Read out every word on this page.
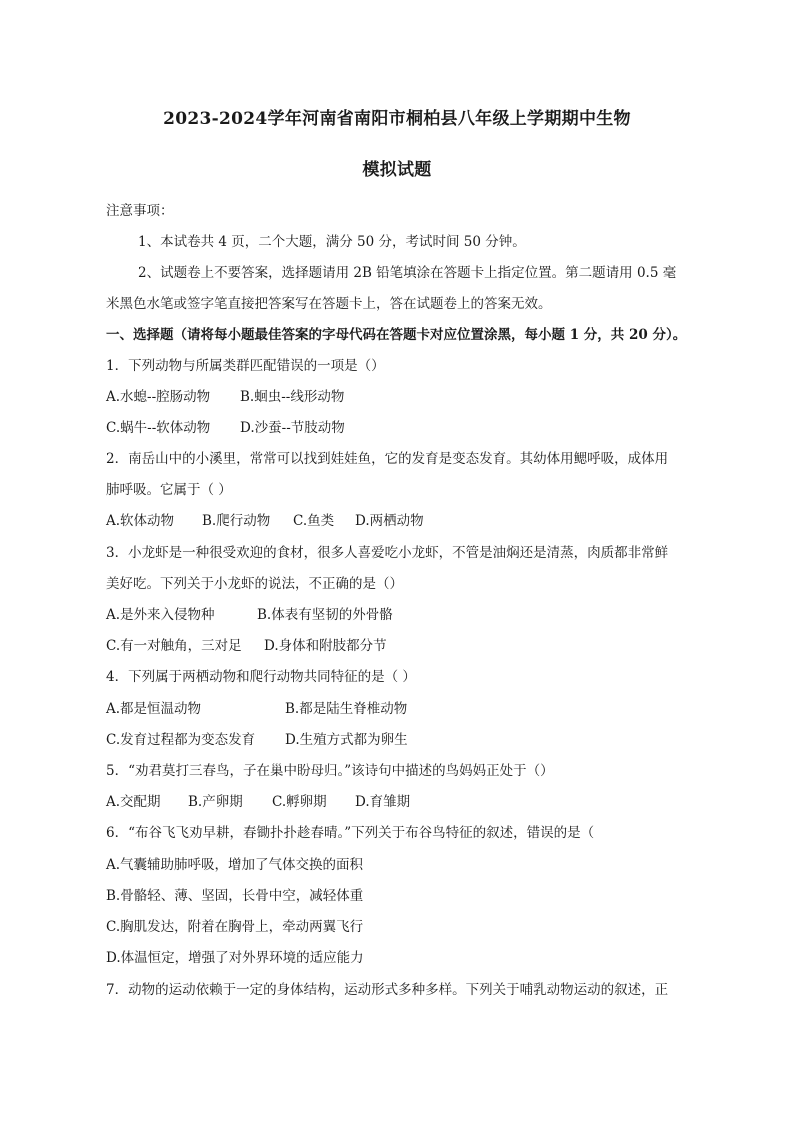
2023-2024学年河南省南阳市桐柏县八年级上学期期中生物
模拟试题
注意事项：
1、本试卷共 4 页，二个大题，满分 50 分，考试时间 50 分钟。
2、试题卷上不要答案，选择题请用 2B 铅笔填涂在答题卡上指定位置。第二题请用 0.5 毫
米黑色水笔或签字笔直接把答案写在答题卡上，答在试题卷上的答案无效。
一、选择题（请将每小题最佳答案的字母代码在答题卡对应位置涂黑，每小题 1 分，共 20 分）。
1．下列动物与所属类群匹配错误的一项是（）
A.水螅--腔肠动物 B.蛔虫--线形动物
C.蜗牛--软体动物 D.沙蚕--节肢动物
2．南岳山中的小溪里，常常可以找到娃娃鱼，它的发育是变态发育。其幼体用鳃呼吸，成体用
肺呼吸。它属于（ ）
A.软体动物 B.爬行动物 C.鱼类 D.两栖动物
3．小龙虾是一种很受欢迎的食材，很多人喜爱吃小龙虾，不管是油焖还是清蒸，肉质都非常鲜
美好吃。下列关于小龙虾的说法，不正确的是（）
A.是外来入侵物种	B.体表有坚韧的外骨骼
C.有一对触角，三对足 D.身体和附肢都分节
4．下列属于两栖动物和爬行动物共同特征的是（ ）
A.都是恒温动物	B.都是陆生脊椎动物
C.发育过程都为变态发育 D.生殖方式都为卵生
5．“劝君莫打三春鸟，子在巢中盼母归。”该诗句中描述的鸟妈妈正处于（）
A.交配期 B.产卵期 C.孵卵期 D.育雏期
6．“布谷飞飞劝早耕，春锄扑扑趁春晴。”下列关于布谷鸟特征的叙述，错误的是（
A.气囊辅助肺呼吸，增加了气体交换的面积
B.骨骼轻、薄、坚固，长骨中空，减轻体重
C.胸肌发达，附着在胸骨上，牵动两翼飞行
D.体温恒定，增强了对外界环境的适应能力
7．动物的运动依赖于一定的身体结构，运动形式多种多样。下列关于哺乳动物运动的叙述，正
